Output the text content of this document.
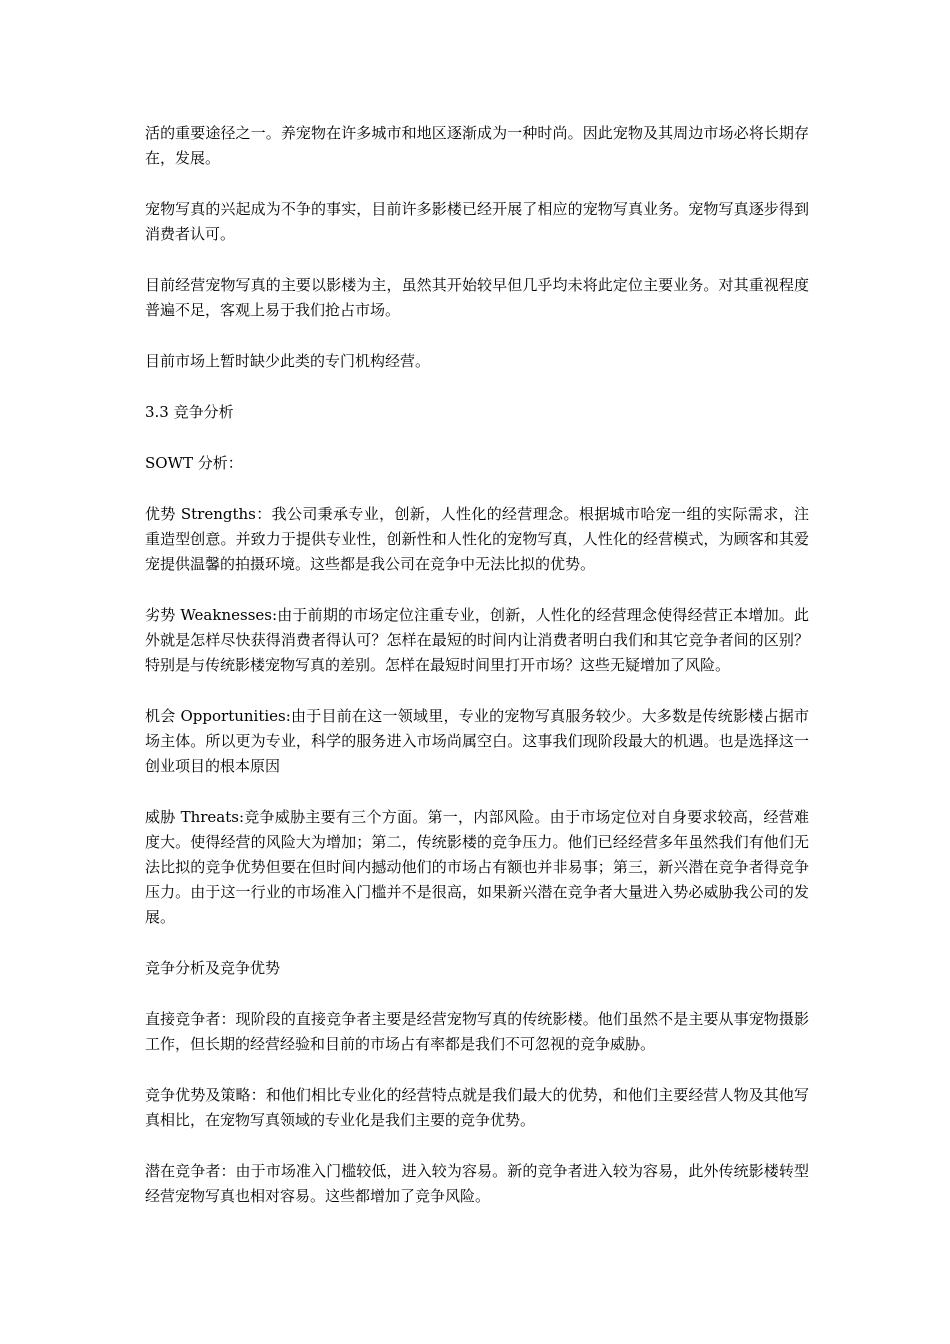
活的重要途径之一。养宠物在许多城市和地区逐渐成为一种时尚。因此宠物及其周边市场必将长期存在，发展。

宠物写真的兴起成为不争的事实，目前许多影楼已经开展了相应的宠物写真业务。宠物写真逐步得到消费者认可。

目前经营宠物写真的主要以影楼为主，虽然其开始较早但几乎均未将此定位主要业务。对其重视程度普遍不足，客观上易于我们抢占市场。

目前市场上暂时缺少此类的专门机构经营。

3.3 竞争分析

SOWT 分析：

优势 Strengths：我公司秉承专业，创新，人性化的经营理念。根据城市哈宠一组的实际需求，注重造型创意。并致力于提供专业性，创新性和人性化的宠物写真，人性化的经营模式，为顾客和其爱宠提供温馨的拍摄环境。这些都是我公司在竞争中无法比拟的优势。

劣势 Weaknesses:由于前期的市场定位注重专业，创新，人性化的经营理念使得经营正本增加。此外就是怎样尽快获得消费者得认可？怎样在最短的时间内让消费者明白我们和其它竞争者间的区别？特别是与传统影楼宠物写真的差别。怎样在最短时间里打开市场？这些无疑增加了风险。

机会 Opportunities:由于目前在这一领域里，专业的宠物写真服务较少。大多数是传统影楼占据市场主体。所以更为专业，科学的服务进入市场尚属空白。这事我们现阶段最大的机遇。也是选择这一创业项目的根本原因

威胁 Threats:竞争威胁主要有三个方面。第一，内部风险。由于市场定位对自身要求较高，经营难度大。使得经营的风险大为增加；第二，传统影楼的竞争压力。他们已经经营多年虽然我们有他们无法比拟的竞争优势但要在但时间内撼动他们的市场占有额也并非易事；第三，新兴潜在竞争者得竞争压力。由于这一行业的市场准入门槛并不是很高，如果新兴潜在竞争者大量进入势必威胁我公司的发展。

竞争分析及竞争优势

直接竞争者：现阶段的直接竞争者主要是经营宠物写真的传统影楼。他们虽然不是主要从事宠物摄影工作，但长期的经营经验和目前的市场占有率都是我们不可忽视的竞争威胁。

竞争优势及策略：和他们相比专业化的经营特点就是我们最大的优势，和他们主要经营人物及其他写真相比，在宠物写真领域的专业化是我们主要的竞争优势。

潜在竞争者：由于市场准入门槛较低，进入较为容易。新的竞争者进入较为容易，此外传统影楼转型经营宠物写真也相对容易。这些都增加了竞争风险。
